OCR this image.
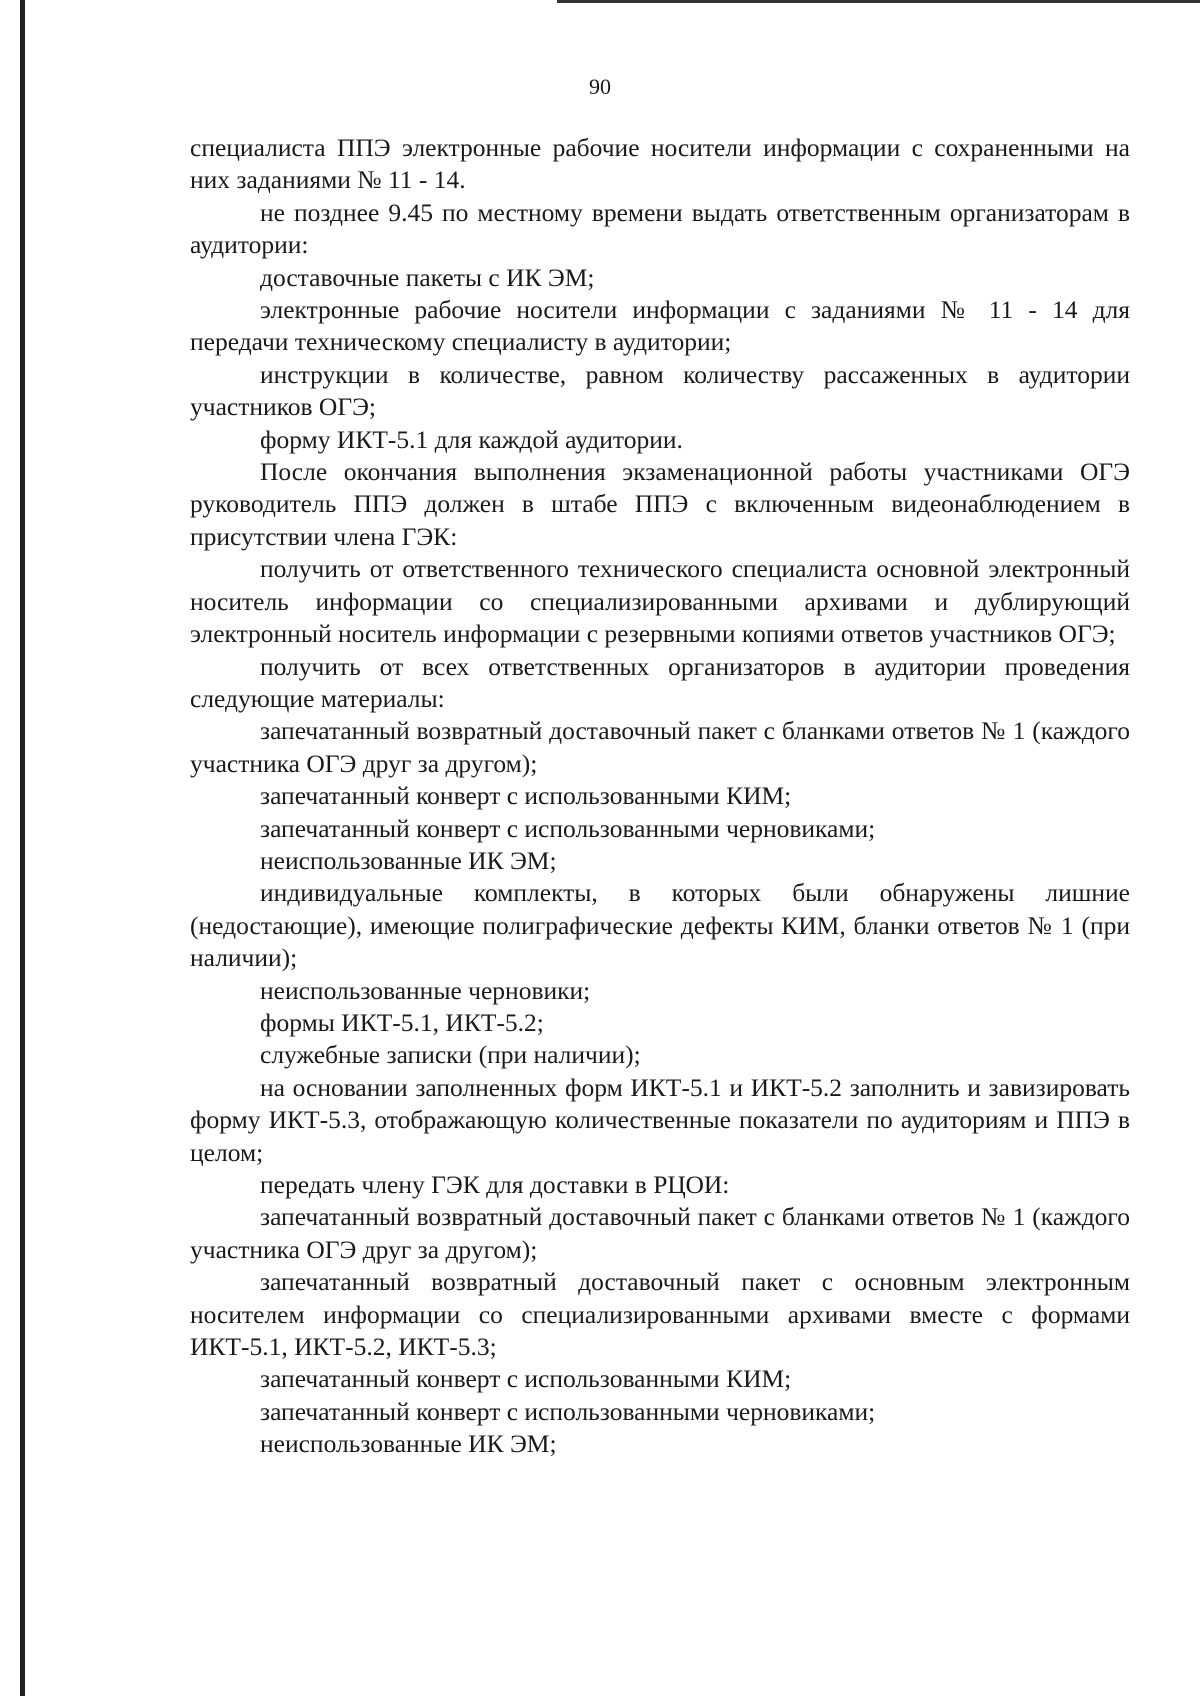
90

специалиста ППЭ электронные рабочие носители информации с сохраненными на них заданиями № 11 - 14.

не позднее 9.45 по местному времени выдать ответственным организаторам в аудитории:

доставочные пакеты с ИК ЭМ;

электронные рабочие носители информации с заданиями № 11 - 14 для передачи техническому специалисту в аудитории;

инструкции в количестве, равном количеству рассаженных в аудитории участников ОГЭ;

форму ИКТ-5.1 для каждой аудитории.

После окончания выполнения экзаменационной работы участниками ОГЭ руководитель ППЭ должен в штабе ППЭ с включенным видеонаблюдением в присутствии члена ГЭК:

получить от ответственного технического специалиста основной электронный носитель информации со специализированными архивами и дублирующий электронный носитель информации с резервными копиями ответов участников ОГЭ;

получить от всех ответственных организаторов в аудитории проведения следующие материалы:

запечатанный возвратный доставочный пакет с бланками ответов № 1 (каждого участника ОГЭ друг за другом);

запечатанный конверт с использованными КИМ;

запечатанный конверт с использованными черновиками;

неиспользованные ИК ЭМ;

индивидуальные комплекты, в которых были обнаружены лишние (недостающие), имеющие полиграфические дефекты КИМ, бланки ответов № 1 (при наличии);

неиспользованные черновики;

формы ИКТ-5.1, ИКТ-5.2;

служебные записки (при наличии);

на основании заполненных форм ИКТ-5.1 и ИКТ-5.2 заполнить и завизировать форму ИКТ-5.3, отображающую количественные показатели по аудиториям и ППЭ в целом;

передать члену ГЭК для доставки в РЦОИ:

запечатанный возвратный доставочный пакет с бланками ответов № 1 (каждого участника ОГЭ друг за другом);

запечатанный возвратный доставочный пакет с основным электронным носителем информации со специализированными архивами вместе с формами ИКТ-5.1, ИКТ-5.2, ИКТ-5.3;

запечатанный конверт с использованными КИМ;

запечатанный конверт с использованными черновиками;

неиспользованные ИК ЭМ;
